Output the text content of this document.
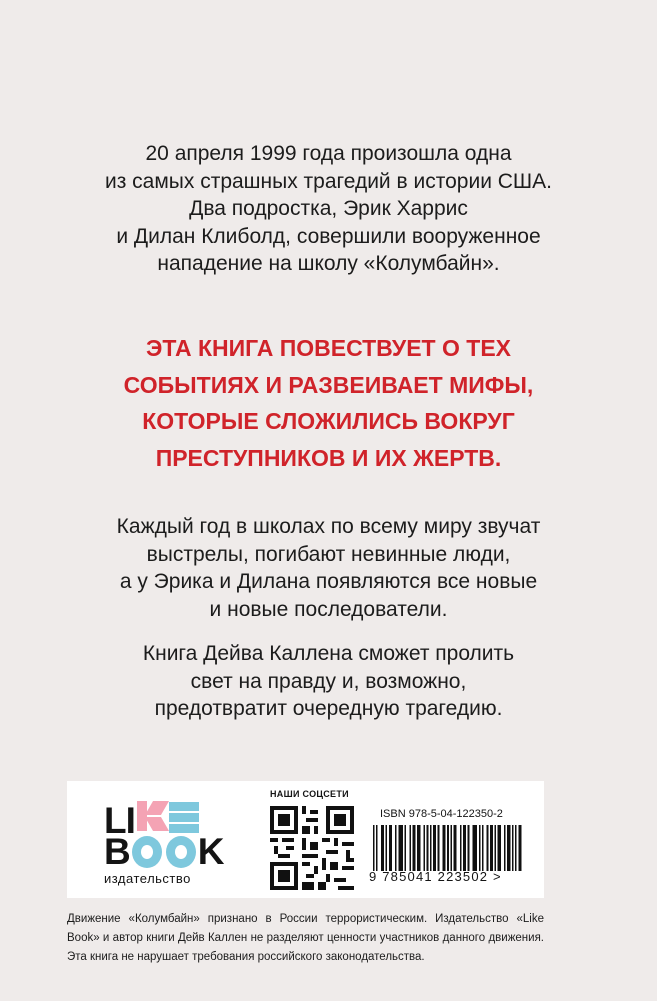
20 апреля 1999 года произошла одна
из самых страшных трагедий в истории США.
Два подростка, Эрик Харрис
и Дилан Клиболд, совершили вооруженное
нападение на школу «Колумбайн».
ЭТА КНИГА ПОВЕСТВУЕТ О ТЕХ
СОБЫТИЯХ И РАЗВЕИВАЕТ МИФЫ,
КОТОРЫЕ СЛОЖИЛИСЬ ВОКРУГ
ПРЕСТУПНИКОВ И ИХ ЖЕРТВ.
Каждый год в школах по всему миру звучат
выстрелы, погибают невинные люди,
а у Эрика и Дилана появляются все новые
и новые последователи.
Книга Дейва Каллена сможет пролить
свет на правду и, возможно,
предотвратит очередную трагедию.
LI
B K
издательство
НАШИ СОЦСЕТИ
ISBN 978-5-04-122350-2
9 785041 223502 >

Движение «Колумбайн» признано в России террористическим. Издательство «Like Book» и автор книги Дейв Каллен не разделяют ценности участников данного движения. Эта книга не нарушает требования российского законодательства.
